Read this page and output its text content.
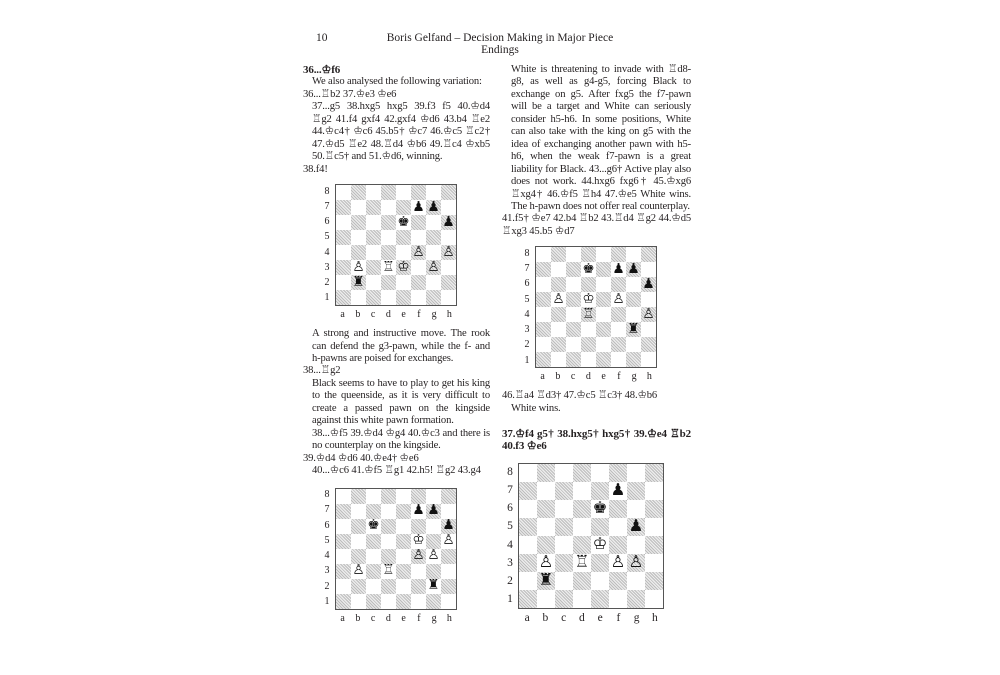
10	Boris Gelfand – Decision Making in Major Piece Endings

36...♔f6

We also analysed the following variation:

36...♖b2 37.♔e3 ♔e6

37...g5 38.hxg5 hxg5 39.f3 f5 40.♔d4 ♖g2 41.f4 gxf4 42.gxf4 ♔d6 43.b4 ♖e2 44.♔c4† ♔c6 45.b5† ♔c7 46.♔c5 ♖c2† 47.♔d5 ♖e2 48.♖d4 ♔b6 49.♖c4 ♔xb5 50.♖c5† and 51.♔d6, winning.

38.f4!

♟ ♟
♚ ♟
♙ ♙
♙ ♖ ♔ ♙
♜
8
7
6
5
4
3
2
1
a	b	c	d	e	f	g	h

A strong and instructive move. The rook can defend the g3-pawn, while the f- and h-pawns are poised for exchanges.

38...♖g2

Black seems to have to play to get his king to the queenside, as it is very difficult to create a passed pawn on the kingside against this white pawn formation.

38...♔f5 39.♔d4 ♔g4 40.♔c3 and there is no counterplay on the kingside.

39.♔d4 ♔d6 40.♔e4† ♔e6

40...♔c6 41.♔f5 ♖g1 42.h5! ♖g2 43.g4

♟ ♟
♚	♟
♔ ♙
♙ ♙
♙ ♖
♜
8
7
6
5
4
3
2
1
a	b	c	d	e	f	g	h

White is threatening to invade with ♖d8-g8, as well as g4-g5, forcing Black to exchange on g5. After fxg5 the f7-pawn will be a target and White can seriously consider h5-h6. In some positions, White can also take with the king on g5 with the idea of exchanging another pawn with h5-h6, when the weak f7-pawn is a great liability for Black. 43...g6† Active play also does not work. 44.hxg6 fxg6† 45.♔xg6 ♖xg4† 46.♔f5 ♖h4 47.♔e5 White wins. The h-pawn does not offer real counterplay.

41.f5† ♔e7 42.b4 ♖b2 43.♖d4 ♖g2 44.♔d5 ♖xg3 45.b5 ♔d7

♚ ♟ ♟
♟
♙ ♔ ♙
♖	♙
♜
8
7
6
5
4
3
2
1
a	b	c	d	e	f	g	h

46.♖a4 ♖d3† 47.♔c5 ♖c3† 48.♔b6

White wins.

37.♔f4 g5† 38.hxg5† hxg5† 39.♔e4 ♖b2 40.f3 ♔e6

♟
♚
♟
♔
♙ ♖ ♙ ♙
♜
8
7
6
5
4
3
2
1
a	b	c	d	e	f	g	h
